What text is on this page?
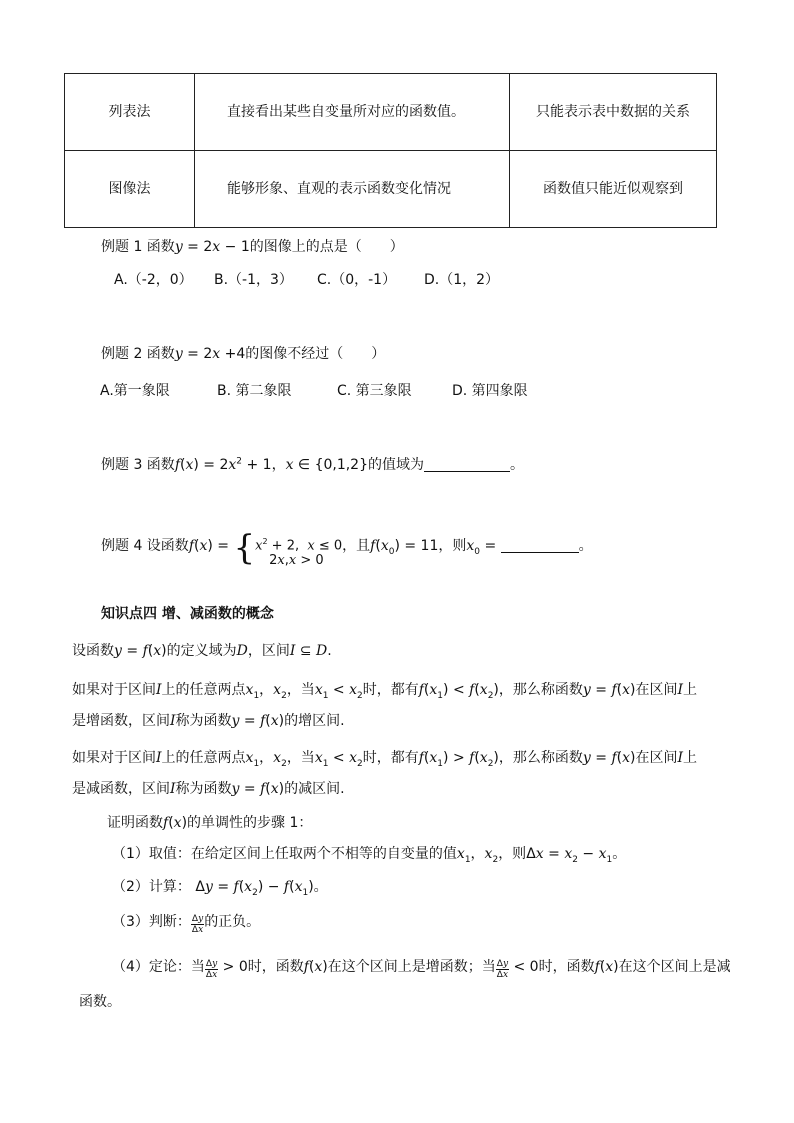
列表法	直接看出某些自变量所对应的函数值。	只能表示表中数据的关系
图像法	能够形象、直观的表示函数变化情况	函数值只能近似观察到
例题 1 函数y = 2x − 1的图像上的点是（　　）
A.（-2，0） B.（-1，3） C.（0，-1） D.（1，2）
例题 2 函数y = 2x +4的图像不经过（　　）
A.第一象限	B. 第二象限	C. 第三象限	D. 第四象限
例题 3 函数$f(x) = 2x^2 + 1$，x ∈ {0,1,2}的值域为	。
例题 4 设函数f(x) = { $x^2 + 2$,  x ≤ 0
2x,x > 0
，且$f(x_0) = 11$，则$x_0$ =	。
知识点四 增、减函数的概念
设函数y = f(x)的定义域为D，区间I ⊆ D.
如果对于区间I上的任意两点$x_1$，$x_2$，当$x_1 < x_2$时，都有$f(x_1) < f(x_2)$，那么称函数y = f(x)在区间I上
是增函数，区间I称为函数y = f(x)的增区间.
如果对于区间I上的任意两点$x_1$，$x_2$，当$x_1 < x_2$时，都有$f(x_1) > f(x_2)$，那么称函数y = f(x)在区间I上
是减函数，区间I称为函数y = f(x)的减区间.
证明函数f(x)的单调性的步骤 1：
（1）取值：在给定区间上任取两个不相等的自变量的值$x_1$，$x_2$，则$\Delta x = x_2 - x_1$。
（2）计算： $\Delta y = f(x_2) - f(x_1)$。
（3）判断： $\frac{\Delta y}{\Delta x}$ 的正负。
（4）定论：当 $\frac{\Delta y}{\Delta x} > 0$时，函数f(x)在这个区间上是增函数；当 $\frac{\Delta y}{\Delta x} < 0$时，函数f(x)在这个区间上是减
函数。
